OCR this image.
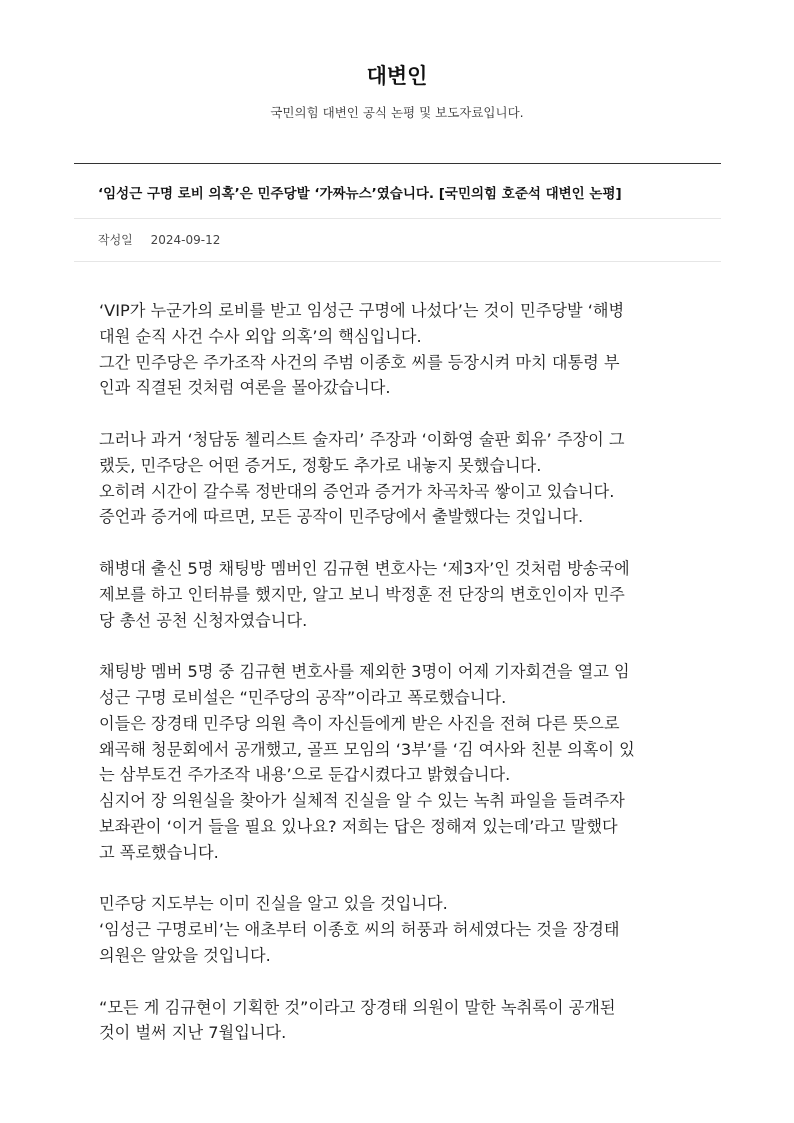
대변인
국민의힘 대변인 공식 논평 및 보도자료입니다.
‘임성근 구명 로비 의혹’은 민주당발 ‘가짜뉴스’였습니다. [국민의힘 호준석 대변인 논평]
작성일 2024-09-12

‘VIP가 누군가의 로비를 받고 임성근 구명에 나섰다’는 것이 민주당발 ‘해병
대원 순직 사건 수사 외압 의혹’의 핵심입니다.
그간 민주당은 주가조작 사건의 주범 이종호 씨를 등장시켜 마치 대통령 부
인과 직결된 것처럼 여론을 몰아갔습니다.

그러나 과거 ‘청담동 첼리스트 술자리’ 주장과 ‘이화영 술판 회유’ 주장이 그
랬듯, 민주당은 어떤 증거도, 정황도 추가로 내놓지 못했습니다.
오히려 시간이 갈수록 정반대의 증언과 증거가 차곡차곡 쌓이고 있습니다.
증언과 증거에 따르면, 모든 공작이 민주당에서 출발했다는 것입니다.

해병대 출신 5명 채팅방 멤버인 김규현 변호사는 ‘제3자’인 것처럼 방송국에
제보를 하고 인터뷰를 했지만, 알고 보니 박정훈 전 단장의 변호인이자 민주
당 총선 공천 신청자였습니다.

채팅방 멤버 5명 중 김규현 변호사를 제외한 3명이 어제 기자회견을 열고 임
성근 구명 로비설은 “민주당의 공작”이라고 폭로했습니다.
이들은 장경태 민주당 의원 측이 자신들에게 받은 사진을 전혀 다른 뜻으로
왜곡해 청문회에서 공개했고, 골프 모임의 ‘3부’를 ‘김 여사와 친분 의혹이 있
는 삼부토건 주가조작 내용’으로 둔갑시켰다고 밝혔습니다.
심지어 장 의원실을 찾아가 실체적 진실을 알 수 있는 녹취 파일을 들려주자
보좌관이 ‘이거 들을 필요 있나요? 저희는 답은 정해져 있는데’라고 말했다
고 폭로했습니다.

민주당 지도부는 이미 진실을 알고 있을 것입니다.
‘임성근 구명로비’는 애초부터 이종호 씨의 허풍과 허세였다는 것을 장경태
의원은 알았을 것입니다.

“모든 게 김규현이 기획한 것”이라고 장경태 의원이 말한 녹취록이 공개된
것이 벌써 지난 7월입니다.
